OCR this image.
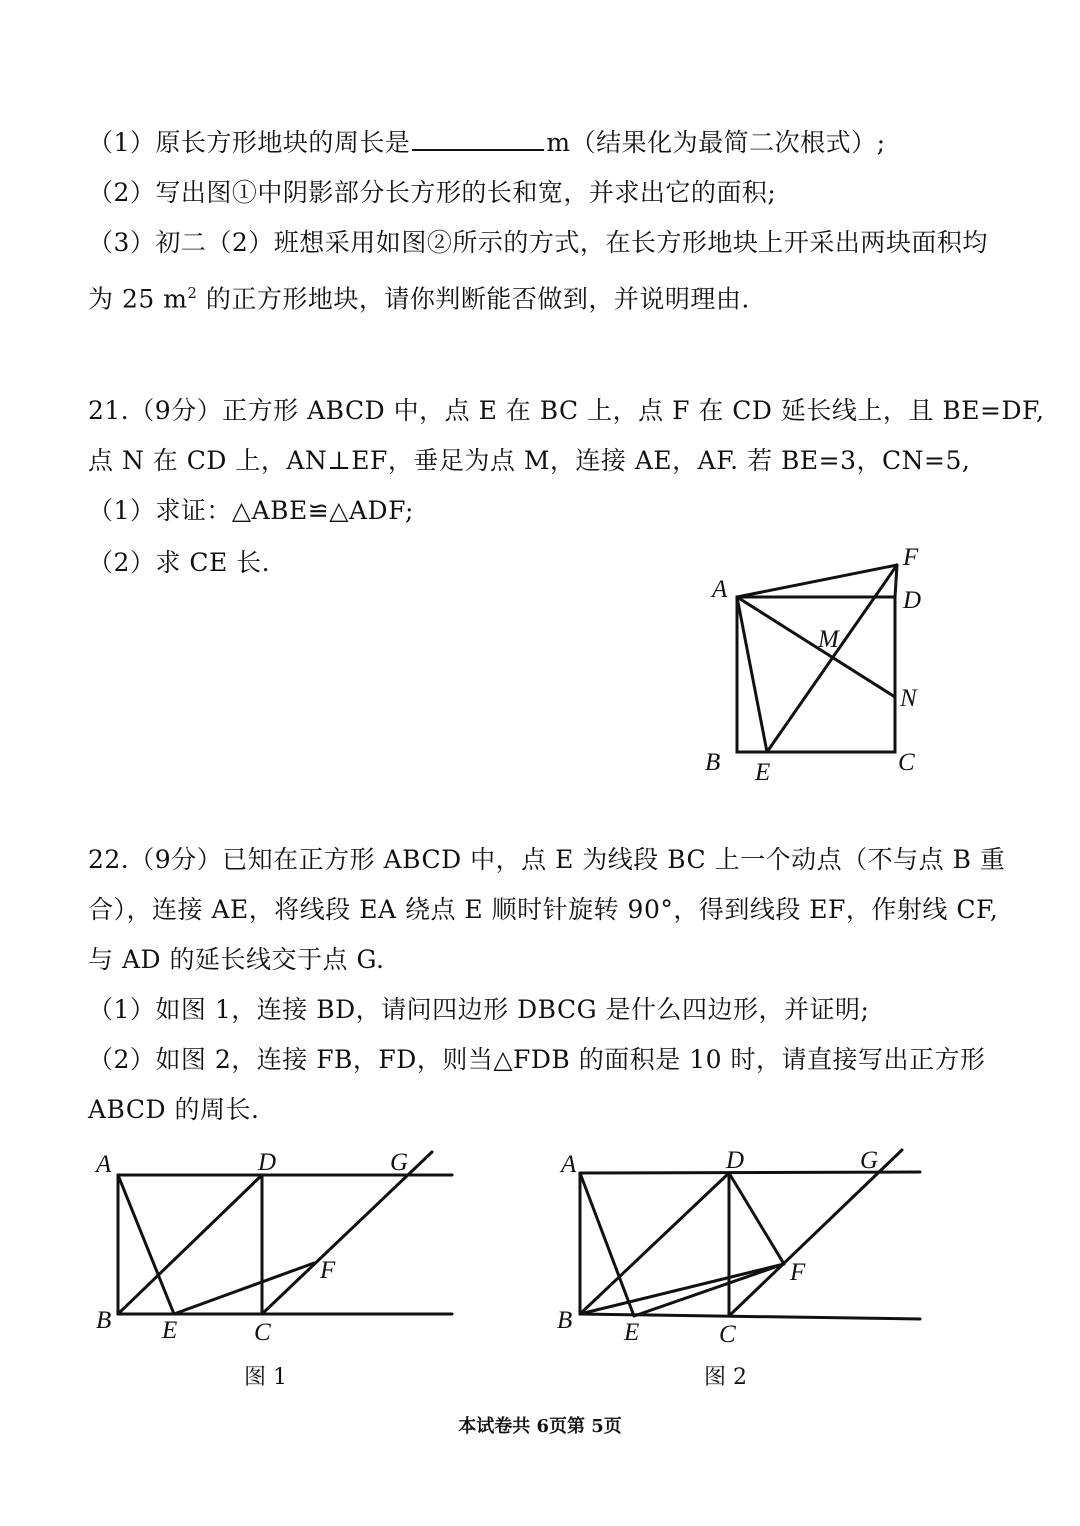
（1）原长方形地块的周长是	m（结果化为最简二次根式）;
（2）写出图①中阴影部分长方形的长和宽，并求出它的面积;
（3）初二（2）班想采用如图②所示的方式，在长方形地块上开采出两块面积均
为 25 $m^2$ 的正方形地块，请你判断能否做到，并说明理由.
21.（9分）正方形 ABCD 中，点 E 在 BC 上，点 F 在 CD 延长线上，且 BE=DF,
点 N 在 CD 上，AN⊥EF，垂足为点 M，连接 AE，AF. 若 BE=3，CN=5,
（1）求证：△ABE≌△ADF;
（2）求 CE 长.
A
F
D
M
N
B E	C
22.（9分）已知在正方形 ABCD 中，点 E 为线段 BC 上一个动点（不与点 B 重
合），连接 AE，将线段 EA 绕点 E 顺时针旋转 90°，得到线段 EF，作射线 CF,
与 AD 的延长线交于点 G.
（1）如图 1，连接 BD，请问四边形 DBCG 是什么四边形，并证明;
（2）如图 2，连接 FB，FD，则当△FDB 的面积是 10 时，请直接写出正方形
ABCD 的周长.
A	D	G
F
B E	C
图 1
A	D	G
F
B E	C
图 2
本试卷共 6页第 5页
